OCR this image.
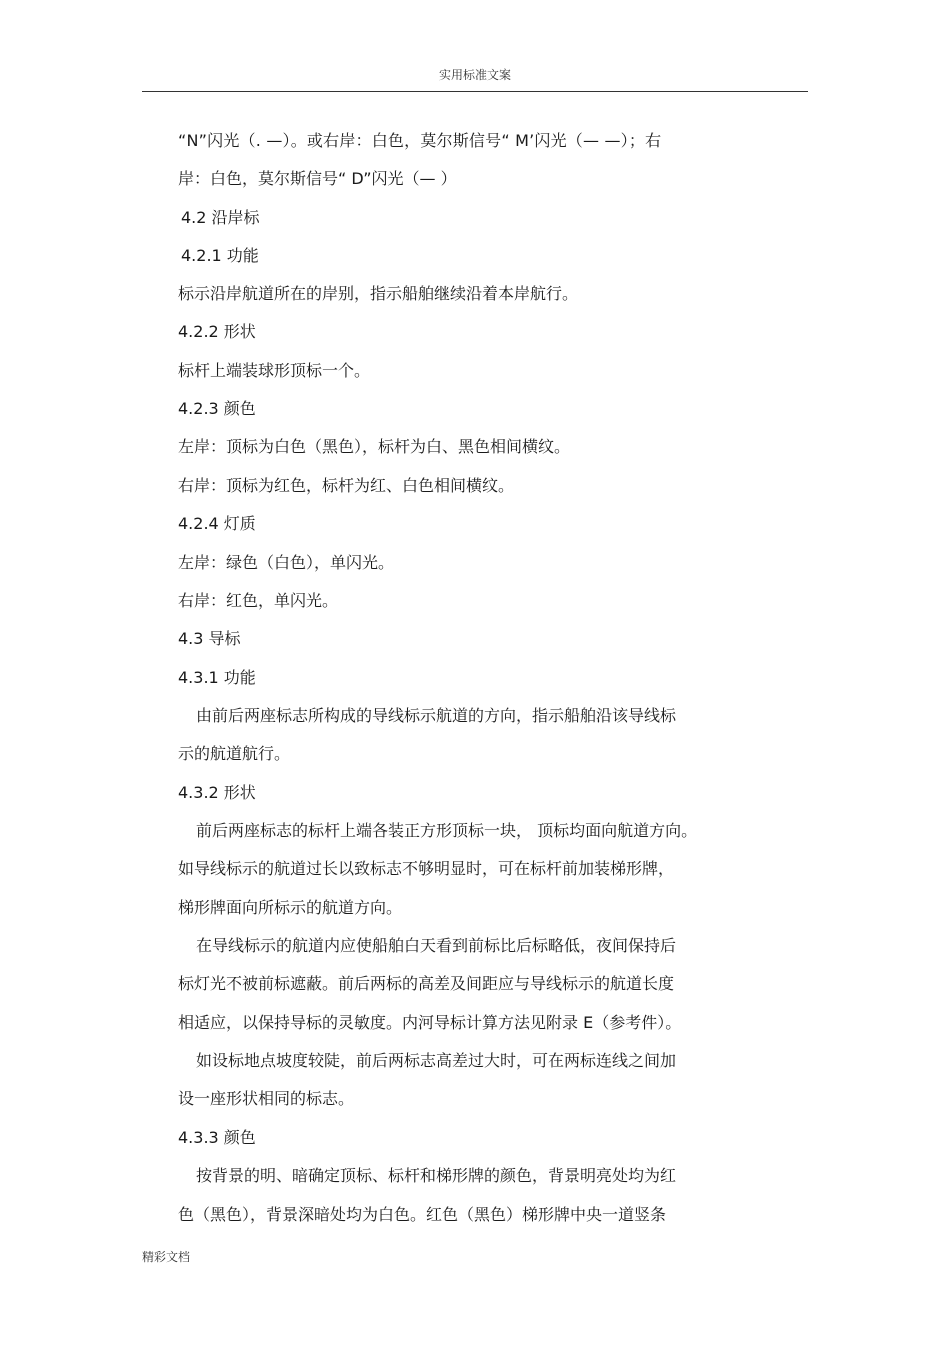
实用标准文案
“N”闪光（. —）。或右岸：白色，莫尔斯信号“ M’闪光（— —）；右
岸：白色，莫尔斯信号“ D”闪光（— ）
4.2 沿岸标
4.2.1 功能
标示沿岸航道所在的岸别，指示船舶继续沿着本岸航行。
4.2.2 形状
标杆上端装球形顶标一个。
4.2.3 颜色
左岸：顶标为白色（黑色），标杆为白、黑色相间横纹。
右岸：顶标为红色，标杆为红、白色相间横纹。
4.2.4 灯质
左岸：绿色（白色），单闪光。
右岸：红色，单闪光。
4.3 导标
4.3.1 功能
由前后两座标志所构成的导线标示航道的方向，指示船舶沿该导线标
示的航道航行。
4.3.2 形状
前后两座标志的标杆上端各装正方形顶标一块， 顶标均面向航道方向。
如导线标示的航道过长以致标志不够明显时，可在标杆前加装梯形牌，
梯形牌面向所标示的航道方向。
在导线标示的航道内应使船舶白天看到前标比后标略低，夜间保持后
标灯光不被前标遮蔽。前后两标的高差及间距应与导线标示的航道长度
相适应，以保持导标的灵敏度。内河导标计算方法见附录 E（参考件）。
如设标地点坡度较陡，前后两标志高差过大时，可在两标连线之间加
设一座形状相同的标志。
4.3.3 颜色
按背景的明、暗确定顶标、标杆和梯形牌的颜色，背景明亮处均为红
色（黑色），背景深暗处均为白色。红色（黑色）梯形牌中央一道竖条
精彩文档
